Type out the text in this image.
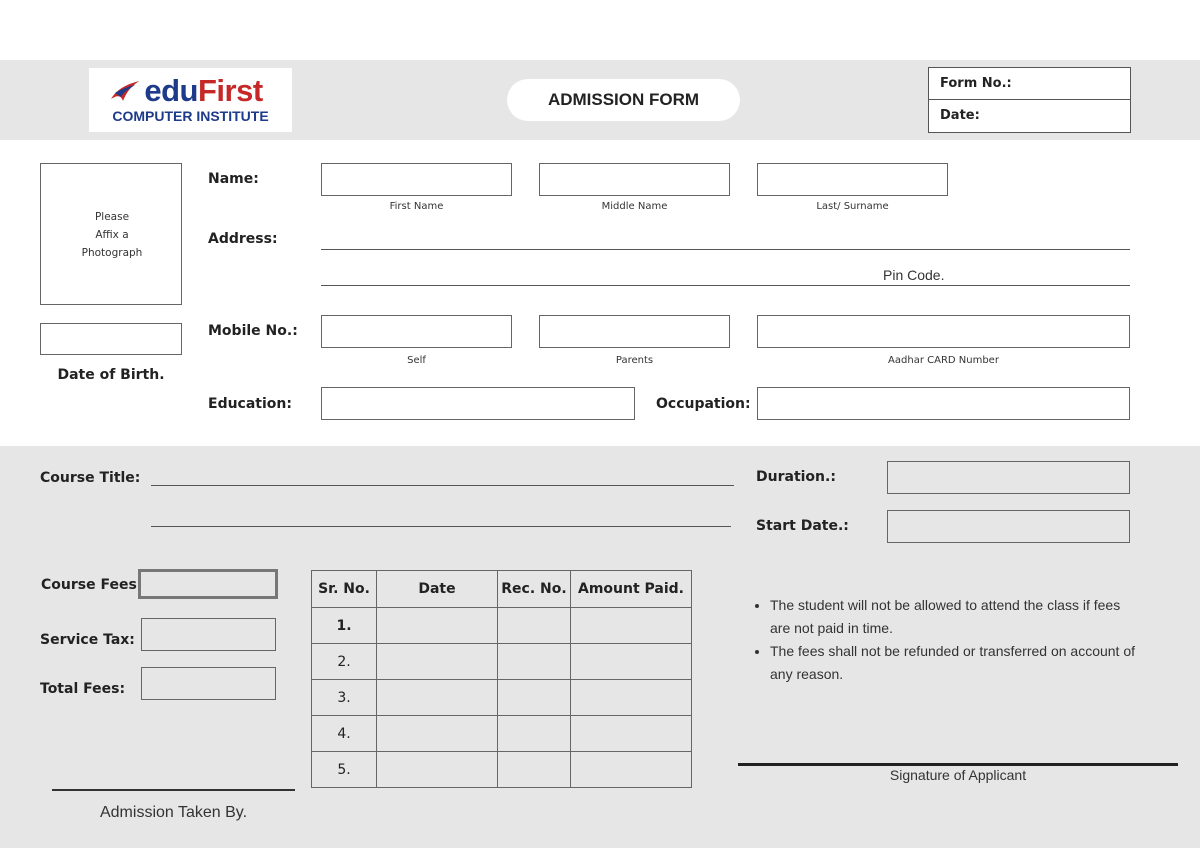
eduFirst
COMPUTER INSTITUTE
ADMISSION FORM
Form No.:
Date:
Please
Affix a
Photograph
Date of Birth.
Name:
First Name	Middle Name	Last/ Surname
Address:
Pin Code.
Mobile No.:
Self	Parents	Aadhar CARD Number
Education:	Occupation:
Course Title:	Duration.:
Start Date.:
Course Fees
Service Tax:
Total Fees:
Sr. No.	Date	Rec. No.	Amount Paid.
1.			
2.			
3.			
4.			
5.			
• The student will not be allowed to attend the class if fees are not paid in time.
• The fees shall not be refunded or transferred on account of any reason.
Signature of Applicant
Admission Taken By.
